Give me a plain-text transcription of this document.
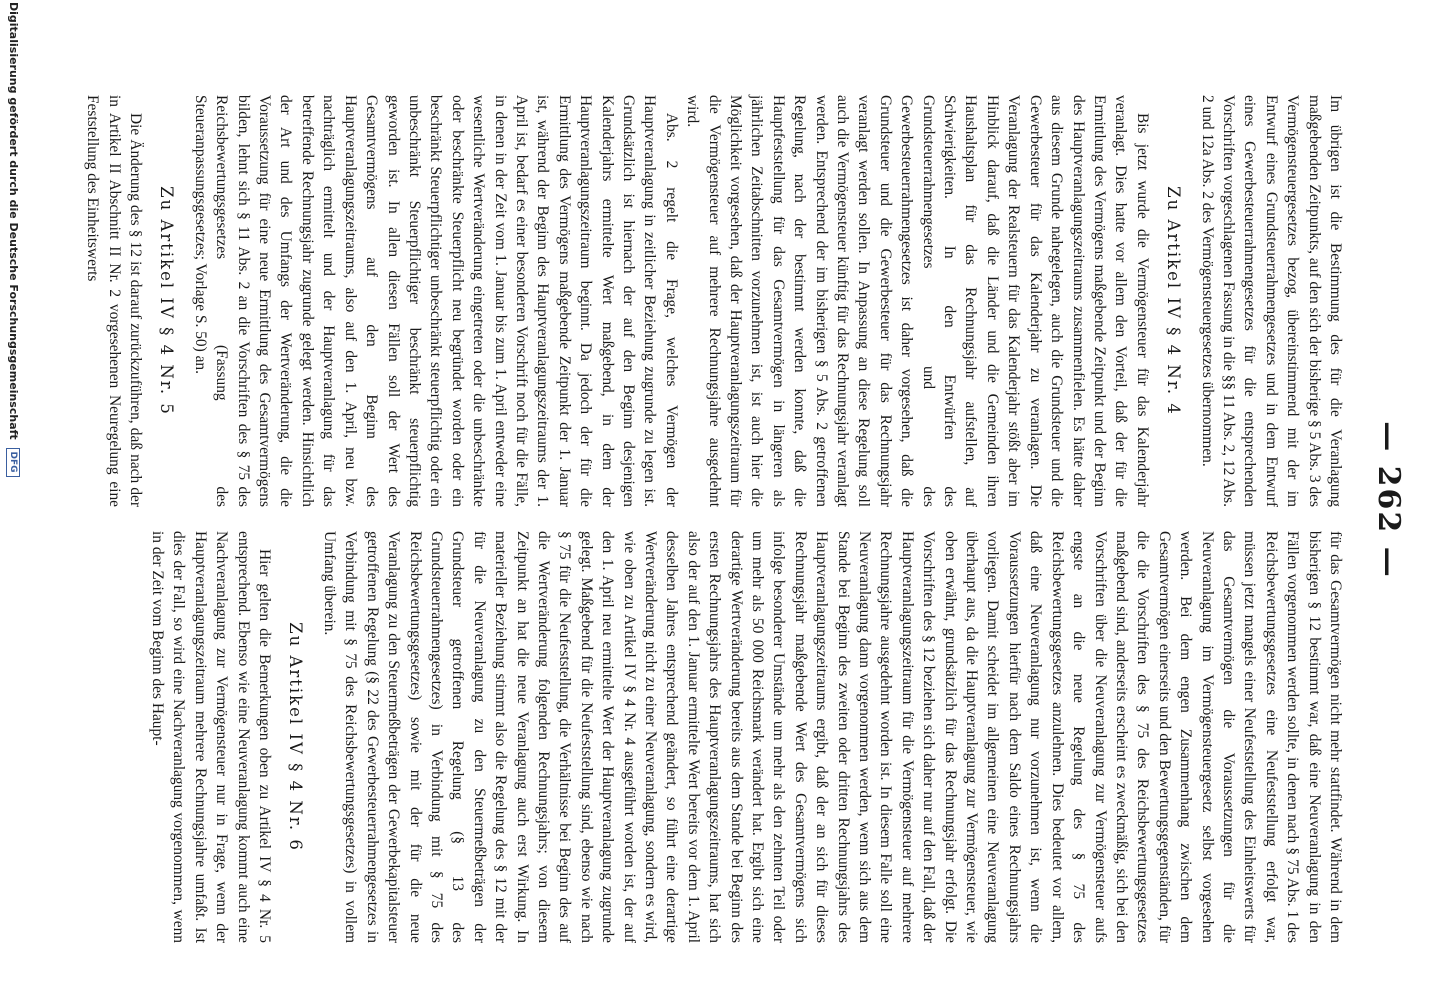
— 262 —

Im übrigen ist die Bestimmung des für die Veranlagung maßgebenden Zeitpunkts, auf den sich der bisherige § 5 Abs. 3 des Vermögensteuergesetzes bezog, übereinstimmend mit der im Entwurf eines Grundsteuerrahmengesetzes und in dem Entwurf eines Gewerbesteuerrahmengesetzes für die entsprechenden Vorschriften vorgeschlagenen Fassung in die §§ 11 Abs. 2, 12 Abs. 2 und 12a Abs. 2 des Vermögensteuergesetzes übernommen.

Zu Artikel IV § 4 Nr. 4

Bis jetzt wurde die Vermögensteuer für das Kalenderjahr veranlagt. Dies hatte vor allem den Vorteil, daß der für die Ermittlung des Vermögens maßgebende Zeitpunkt und der Beginn des Hauptveranlagungszeitraums zusammenfielen. Es hätte daher aus diesem Grunde nahegelegen, auch die Grundsteuer und die Gewerbesteuer für das Kalenderjahr zu veranlagen. Die Veranlagung der Realsteuern für das Kalenderjahr stößt aber im Hinblick darauf, daß die Länder und die Gemeinden ihren Haushaltsplan für das Rechnungsjahr aufstellen, auf Schwierigkeiten. In den Entwürfen des Grundsteuerrahmengesetzes und des Gewerbesteuerrahmengesetzes ist daher vorgesehen, daß die Grundsteuer und die Gewerbesteuer für das Rechnungsjahr veranlagt werden sollen. In Anpassung an diese Regelung soll auch die Vermögensteuer künftig für das Rechnungsjahr veranlagt werden. Entsprechend der im bisherigen § 5 Abs. 2 getroffenen Regelung, nach der bestimmt werden konnte, daß die Hauptfeststellung für das Gesamtvermögen in längeren als jährlichen Zeitabschnitten vorzunehmen ist, ist auch hier die Möglichkeit vorgesehen, daß der Hauptveranlagungszeitraum für die Vermögensteuer auf mehrere Rechnungsjahre ausgedehnt wird.

Abs. 2 regelt die Frage, welches Vermögen der Hauptveranlagung in zeitlicher Beziehung zugrunde zu legen ist. Grundsätzlich ist hiernach der auf den Beginn desjenigen Kalenderjahrs ermittelte Wert maßgebend, in dem der Hauptveranlagungszeitraum beginnt. Da jedoch der für die Ermittlung des Vermögens maßgebende Zeitpunkt der 1. Januar ist, während der Beginn des Hauptveranlagungszeitraums der 1. April ist, bedarf es einer besonderen Vorschrift noch für die Fälle, in denen in der Zeit vom 1. Januar bis zum 1. April entweder eine wesentliche Wertveränderung eingetreten oder die unbeschränkte oder beschränkte Steuerpflicht neu begründet worden oder ein beschränkt Steuerpflichtiger unbeschränkt steuerpflichtig oder ein unbeschränkt Steuerpflichtiger beschränkt steuerpflichtig geworden ist. In allen diesen Fällen soll der Wert des Gesamtvermögens auf den Beginn des Hauptveranlagungszeitraums, also auf den 1. April, neu bzw. nachträglich ermittelt und der Hauptveranlagung für das betreffende Rechnungsjahr zugrunde gelegt werden. Hinsichtlich der Art und des Umfangs der Wertveränderung, die die Voraussetzung für eine neue Ermittlung des Gesamtvermögens bilden, lehnt sich § 11 Abs. 2 an die Vorschriften des § 75 des Reichsbewertungsgesetzes (Fassung des Steueranpassungsgesetzes; Vorlage S. 50) an.

Zu Artikel IV § 4 Nr. 5

Die Änderung des § 12 ist darauf zurückzuführen, daß nach der in Artikel II Abschnitt II Nr. 2 vorgesehenen Neuregelung eine Feststellung des Einheitswerts

für das Gesamtvermögen nicht mehr stattfindet. Während in dem bisherigen § 12 bestimmt war, daß eine Neuveranlagung in den Fällen vorgenommen werden sollte, in denen nach § 75 Abs. 1 des Reichsbewertungsgesetzes eine Neufeststellung erfolgt war, müssen jetzt mangels einer Neufeststellung des Einheitswerts für das Gesamtvermögen die Voraussetzungen für die Neuveranlagung im Vermögensteuergesetz selbst vorgesehen werden. Bei dem engen Zusammenhang zwischen dem Gesamtvermögen einerseits und den Bewertungsgegenständen, für die die Vorschriften des § 75 des Reichsbewertungsgesetzes maßgebend sind, anderseits erscheint es zweckmäßig, sich bei den Vorschriften über die Neuveranlagung zur Vermögensteuer aufs engste an die neue Regelung des § 75 des Reichsbewertungsgesetzes anzulehnen. Dies bedeutet vor allem, daß eine Neuveranlagung nur vorzunehmen ist, wenn die Voraussetzungen hierfür nach dem Saldo eines Rechnungsjahrs vorliegen. Damit scheidet im allgemeinen eine Neuveranlagung überhaupt aus, da die Hauptveranlagung zur Vermögensteuer, wie oben erwähnt, grundsätzlich für das Rechnungsjahr erfolgt. Die Vorschriften des § 12 beziehen sich daher nur auf den Fall, daß der Hauptveranlagungszeitraum für die Vermögensteuer auf mehrere Rechnungsjahre ausgedehnt worden ist. In diesem Falle soll eine Neuveranlagung dann vorgenommen werden, wenn sich aus dem Stande bei Beginn des zweiten oder dritten Rechnungsjahrs des Hauptveranlagungszeitraums ergibt, daß der an sich für dieses Rechnungsjahr maßgebende Wert des Gesamtvermögens sich infolge besonderer Umstände um mehr als den zehnten Teil oder um mehr als 50 000 Reichsmark verändert hat. Ergibt sich eine derartige Wertveränderung bereits aus dem Stande bei Beginn des ersten Rechnungsjahrs des Hauptveranlagungszeitraums, hat sich also der auf den 1. Januar ermittelte Wert bereits vor dem 1. April desselben Jahres entsprechend geändert, so führt eine derartige Wertveränderung nicht zu einer Neuveranlagung, sondern es wird, wie oben zu Artikel IV § 4 Nr. 4 ausgeführt worden ist, der auf den 1. April neu ermittelte Wert der Hauptveranlagung zugrunde gelegt. Maßgebend für die Neufeststellung sind, ebenso wie nach § 75 für die Neufeststellung, die Verhältnisse bei Beginn des auf die Wertveränderung folgenden Rechnungsjahrs; von diesem Zeitpunkt an hat die neue Veranlagung auch erst Wirkung. In materieller Beziehung stimmt also die Regelung des § 12 mit der für die Neuveranlagung zu den Steuermeßbeträgen der Grundsteuer getroffenen Regelung (§ 13 des Grundsteuerrahmengesetzes) in Verbindung mit § 75 des Reichsbewertungsgesetzes) sowie mit der für die neue Veranlagung zu den Steuermeßbeträgen der Gewerbekapitalsteuer getroffenen Regelung (§ 22 des Gewerbesteuerrahmengesetzes in Verbindung mit § 75 des Reichsbewertungsgesetzes) in vollem Umfang überein.

Zu Artikel IV § 4 Nr. 6

Hier gelten die Bemerkungen oben zu Artikel IV § 4 Nr. 5 entsprechend. Ebenso wie eine Neuveranlagung kommt auch eine Nachveranlagung zur Vermögensteuer nur in Frage, wenn der Hauptveranlagungszeitraum mehrere Rechnungsjahre umfaßt. Ist dies der Fall, so wird eine Nachveranlagung vorgenommen, wenn in der Zeit vom Beginn des Haupt-

Digitalisierung gefördert durch die Deutsche Forschungsgemeinschaft DFG
